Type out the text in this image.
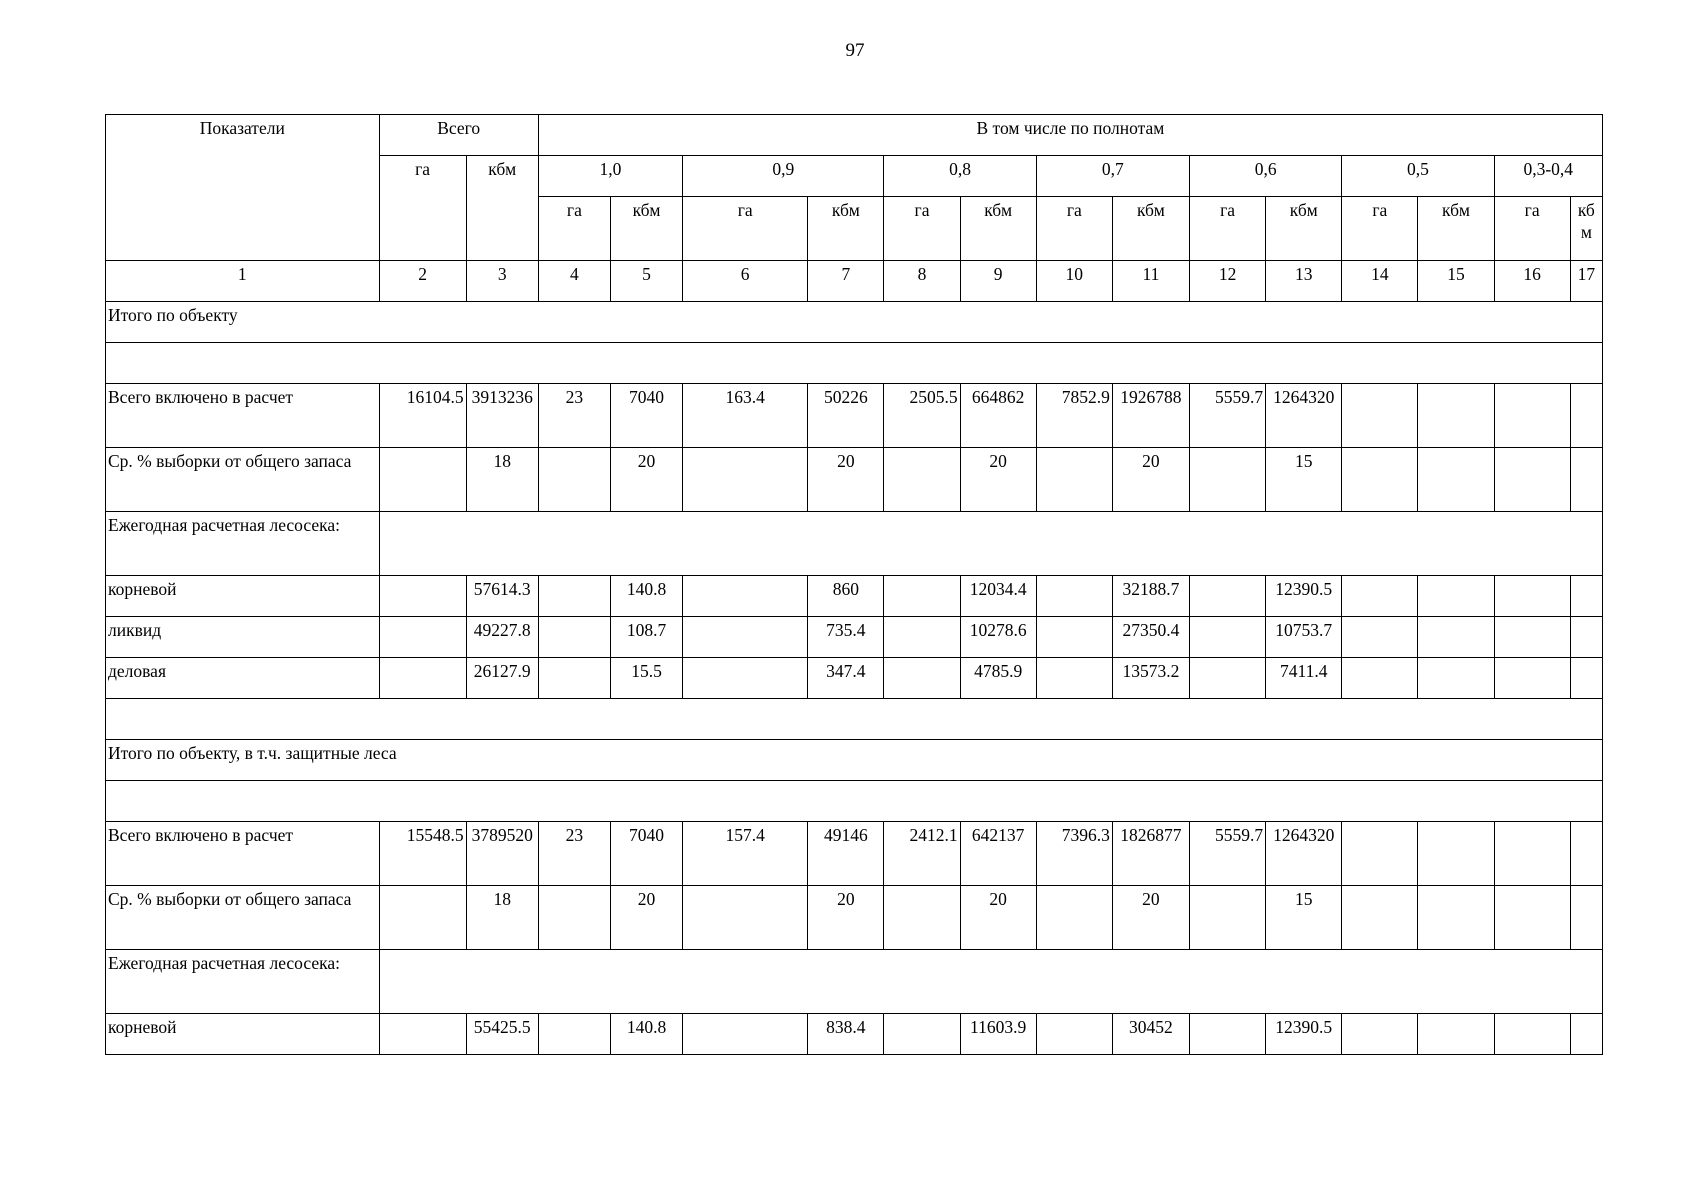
97
Показатели	Всего		В том числе по полнотам													
	га	кбм	1,0		0,9		0,8		0,7		0,6		0,5		0,3-0,4	
			га	кбм	га	кбм	га	кбм	га	кбм	га	кбм	га	кбм	га	кбм
1	2	3	4	5	6	7	8	9	10	11	12	13	14	15	16	17
Итого по объекту																

Всего включено в расчет	16104.5	3913236	23	7040	163.4	50226	2505.5	664862	7852.9	1926788	5559.7	1264320				
Ср. % выборки от общего запаса		18		20		20		20		20		15				
Ежегодная расчетная лесосека:																
корневой		57614.3		140.8		860		12034.4		32188.7		12390.5				
ликвид		49227.8		108.7		735.4		10278.6		27350.4		10753.7				
деловая		26127.9		15.5		347.4		4785.9		13573.2		7411.4				

Итого по объекту, в т.ч. защитные леса																

Всего включено в расчет	15548.5	3789520	23	7040	157.4	49146	2412.1	642137	7396.3	1826877	5559.7	1264320				
Ср. % выборки от общего запаса		18		20		20		20		20		15				
Ежегодная расчетная лесосека:																
корневой		55425.5		140.8		838.4		11603.9		30452		12390.5				
